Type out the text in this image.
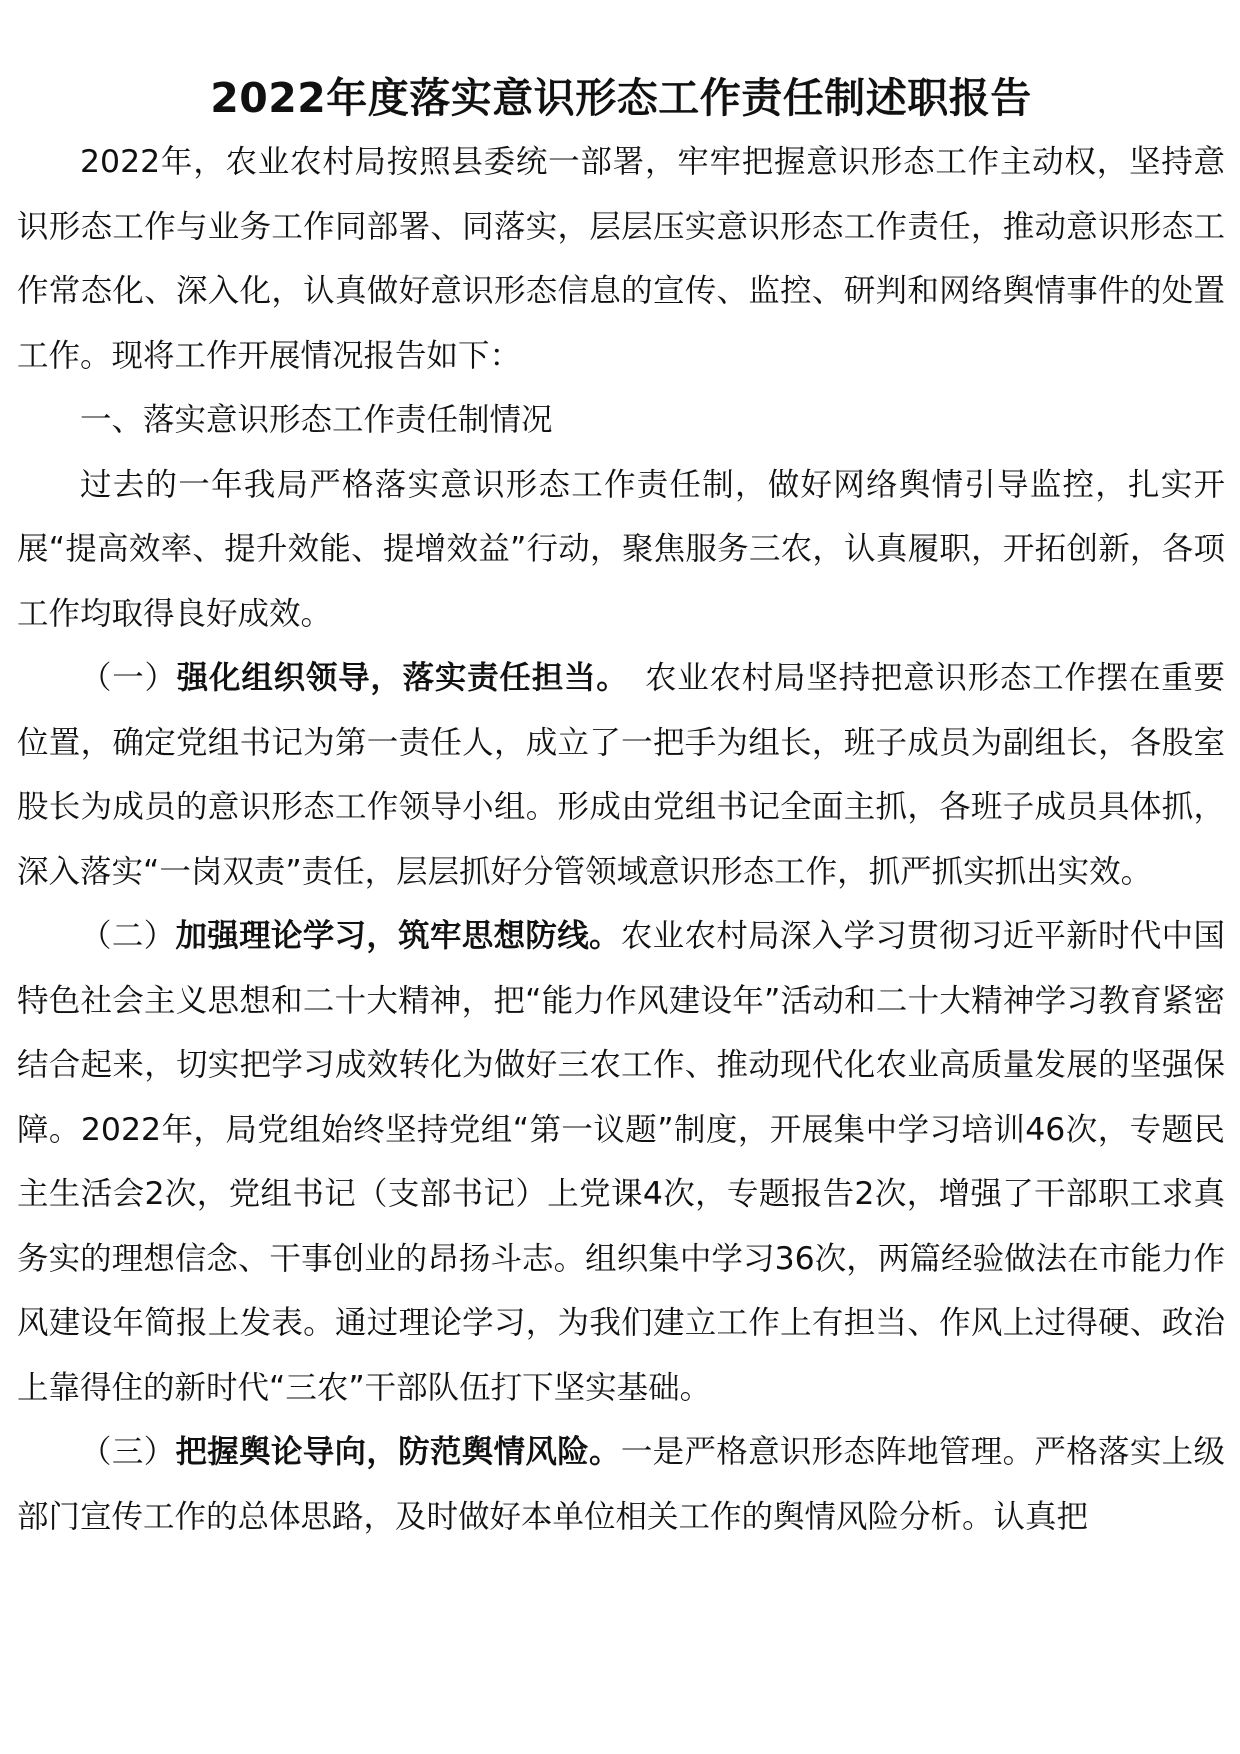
2022年度落实意识形态工作责任制述职报告

2022年，农业农村局按照县委统一部署，牢牢把握意识形态工作主动权，坚持意识形态工作与业务工作同部署、同落实，层层压实意识形态工作责任，推动意识形态工作常态化、深入化，认真做好意识形态信息的宣传、监控、研判和网络舆情事件的处置工作。现将工作开展情况报告如下：

一、落实意识形态工作责任制情况

过去的一年我局严格落实意识形态工作责任制，做好网络舆情引导监控，扎实开展“提高效率、提升效能、提增效益”行动，聚焦服务三农，认真履职，开拓创新，各项工作均取得良好成效。

（一）强化组织领导，落实责任担当。　农业农村局坚持把意识形态工作摆在重要位置，确定党组书记为第一责任人，成立了一把手为组长，班子成员为副组长，各股室股长为成员的意识形态工作领导小组。形成由党组书记全面主抓，各班子成员具体抓，深入落实“一岗双责”责任，层层抓好分管领域意识形态工作，抓严抓实抓出实效。

（二）加强理论学习，筑牢思想防线。农业农村局深入学习贯彻习近平新时代中国特色社会主义思想和二十大精神，把“能力作风建设年”活动和二十大精神学习教育紧密结合起来，切实把学习成效转化为做好三农工作、推动现代化农业高质量发展的坚强保障。2022年，局党组始终坚持党组“第一议题”制度，开展集中学习培训46次，专题民主生活会2次，党组书记（支部书记）上党课4次，专题报告2次，增强了干部职工求真务实的理想信念、干事创业的昂扬斗志。组织集中学习36次，两篇经验做法在市能力作风建设年简报上发表。通过理论学习，为我们建立工作上有担当、作风上过得硬、政治上靠得住的新时代“三农”干部队伍打下坚实基础。

（三）把握舆论导向，防范舆情风险。一是严格意识形态阵地管理。严格落实上级部门宣传工作的总体思路，及时做好本单位相关工作的舆情风险分析。认真把
